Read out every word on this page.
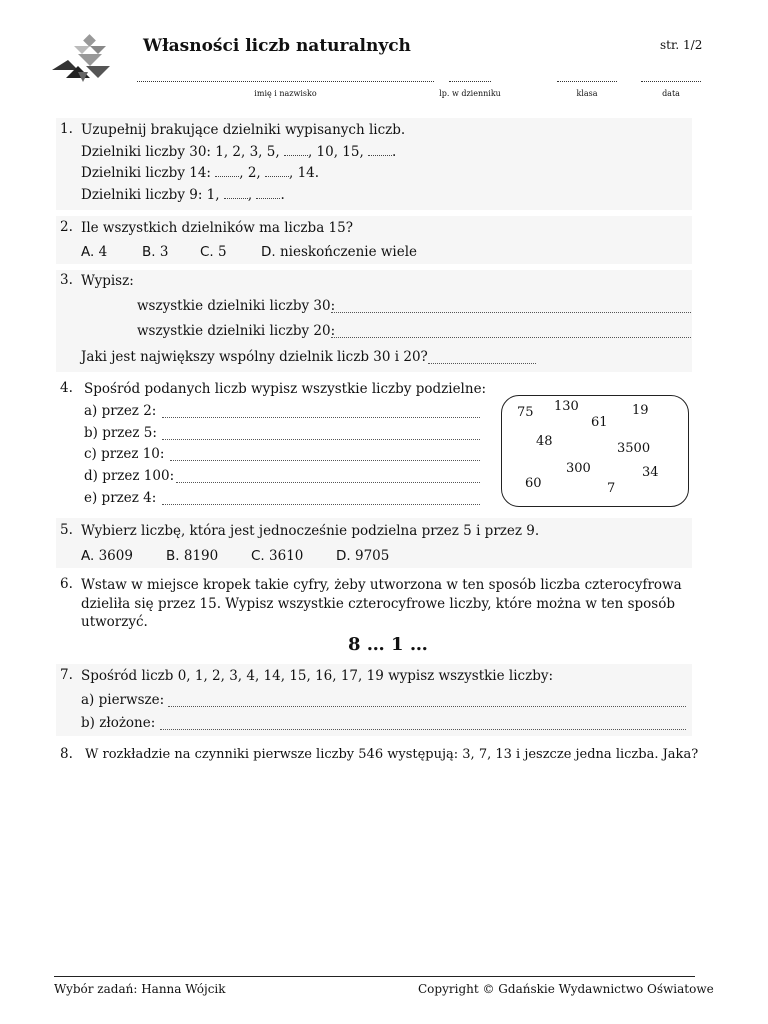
Własności liczb naturalnych	str. 1/2
imię i nazwisko	lp. w dzienniku	klasa	data
1. Uzupełnij brakujące dzielniki wypisanych liczb.
Dzielniki liczby 30: 1, 2, 3, 5, , 10, 15, .
Dzielniki liczby 14: , 2, , 14.
Dzielniki liczby 9: 1, , .
2. Ile wszystkich dzielników ma liczba 15?
A. 4	B. 3 C. 5	D. nieskończenie wiele
3. Wypisz:
wszystkie dzielniki liczby 30:
wszystkie dzielniki liczby 20:
Jaki jest największy wspólny dzielnik liczb 30 i 20?
4. Spośród podanych liczb wypisz wszystkie liczby podzielne:
a) przez 2:
b) przez 5:
c) przez 10:
d) przez 100:
e) przez 4:
75 130
61
19
48	3500
300	34
60	7
5. Wybierz liczbę, która jest jednocześnie podzielna przez 5 i przez 9.
A. 3609 B. 8190 C. 3610 D. 9705
6. Wstaw w miejsce kropek takie cyfry, żeby utworzona w ten sposób liczba czterocyfrowa
dzieliła się przez 15. Wypisz wszystkie czterocyfrowe liczby, które można w ten sposób
utworzyć.
8 … 1 …
7. Spośród liczb 0, 1, 2, 3, 4, 14, 15, 16, 17, 19 wypisz wszystkie liczby:
a) pierwsze:
b) złożone:
8. W rozkładzie na czynniki pierwsze liczby 546 występują: 3, 7, 13 i jeszcze jedna liczba. Jaka?
Wybór zadań: Hanna Wójcik	Copyright © Gdańskie Wydawnictwo Oświatowe
